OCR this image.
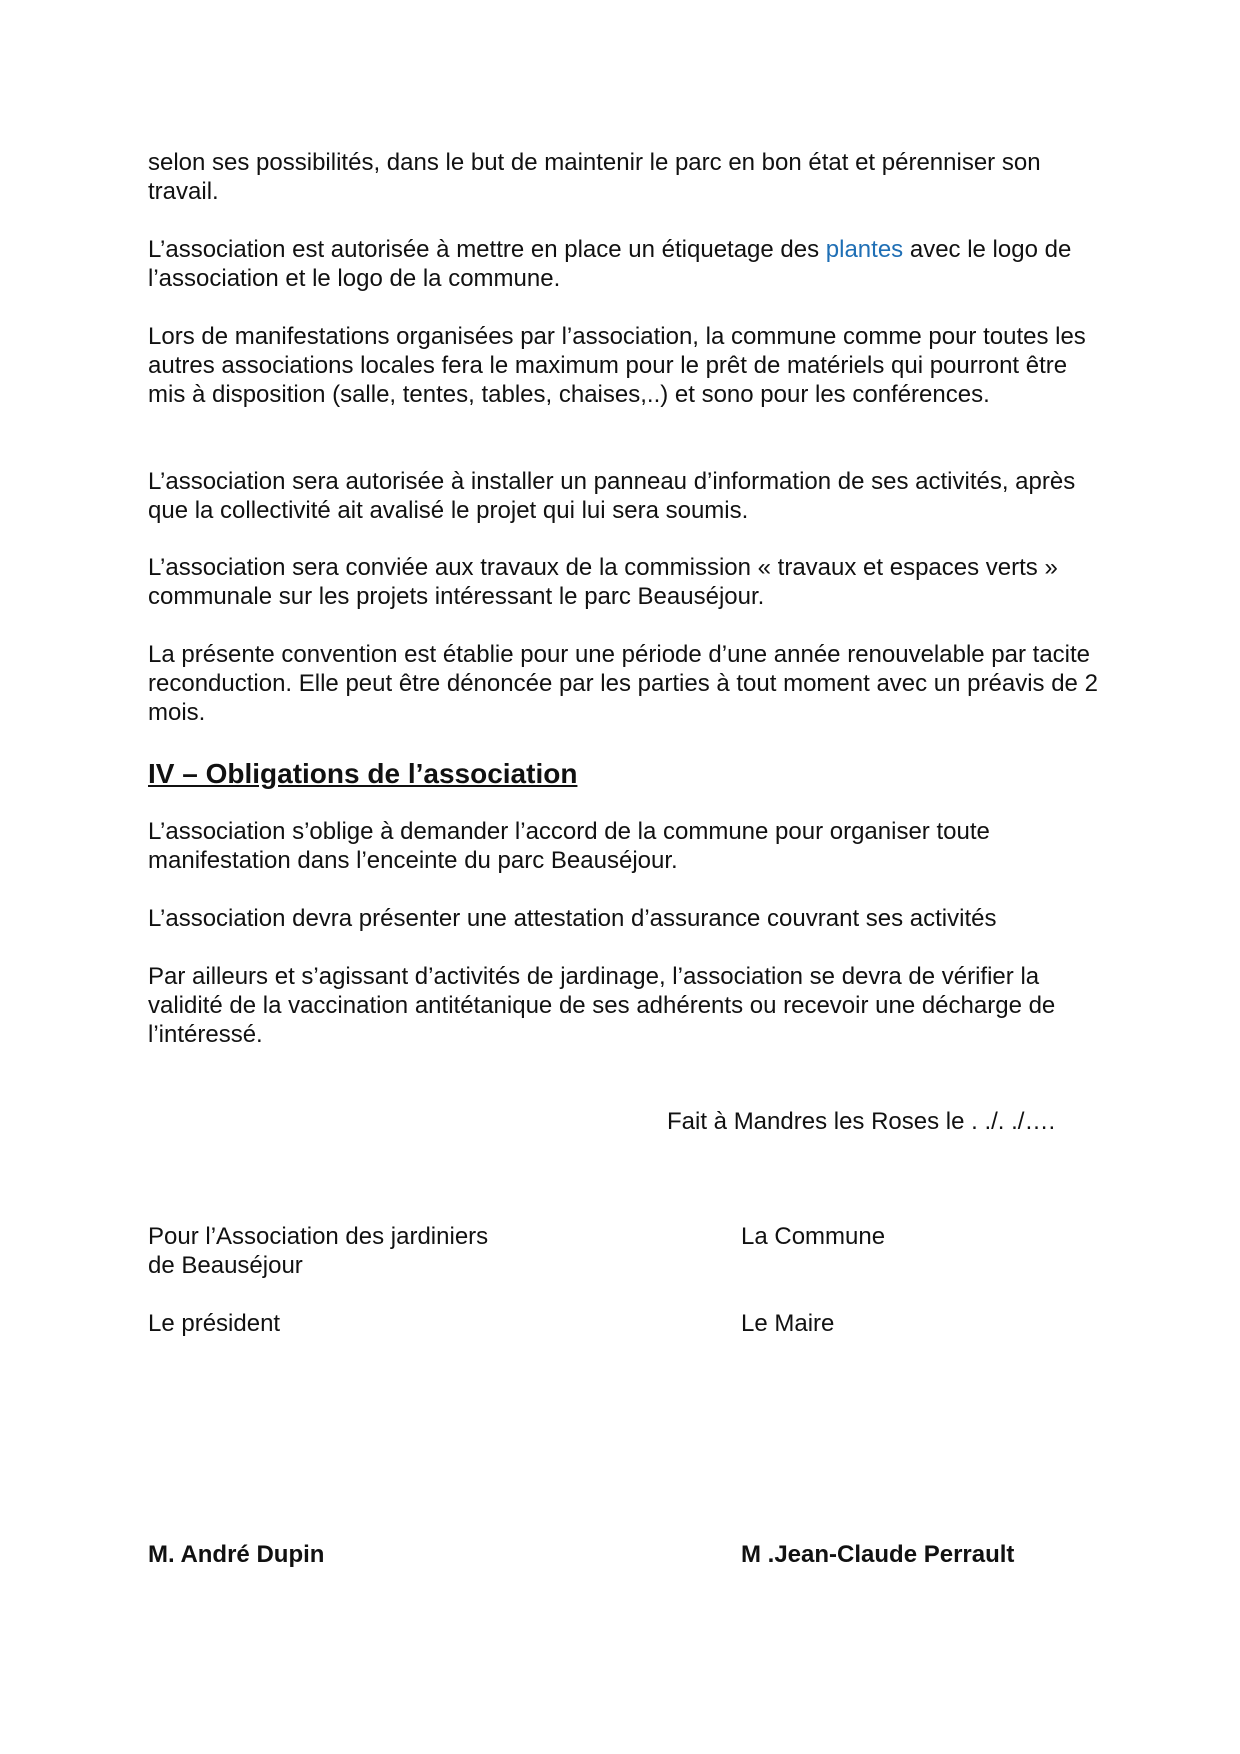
selon ses possibilités, dans le but de maintenir le parc en bon état et pérenniser son travail.

L’association est autorisée à mettre en place un étiquetage des plantes avec le logo de l’association et le logo de la commune.

Lors de manifestations organisées par l’association, la commune comme pour toutes les autres associations locales fera le maximum pour le prêt de matériels qui pourront être mis à disposition (salle, tentes, tables, chaises,..) et sono pour les conférences.

L’association sera autorisée à installer un panneau d’information de ses activités, après que la collectivité ait avalisé le projet qui lui sera soumis.

L’association sera conviée aux travaux de la commission « travaux et espaces verts » communale sur les projets intéressant le parc Beauséjour.

La présente convention est établie pour une période d’une année renouvelable par tacite reconduction. Elle peut être dénoncée par les parties à tout moment avec un préavis de 2 mois.

IV – Obligations de l’association

L’association s’oblige à demander l’accord de la commune pour organiser toute manifestation dans l’enceinte du parc Beauséjour.

L’association devra présenter une attestation d’assurance couvrant ses activités

Par ailleurs et s’agissant d’activités de jardinage, l’association se devra de vérifier la validité de la vaccination antitétanique de ses adhérents ou recevoir une décharge de l’intéressé.

Fait à Mandres les Roses le . ./. ./….

Pour l’Association des jardiniers

de Beauséjour

La Commune

Le président	Le Maire

M. André Dupin	M .Jean-Claude Perrault
